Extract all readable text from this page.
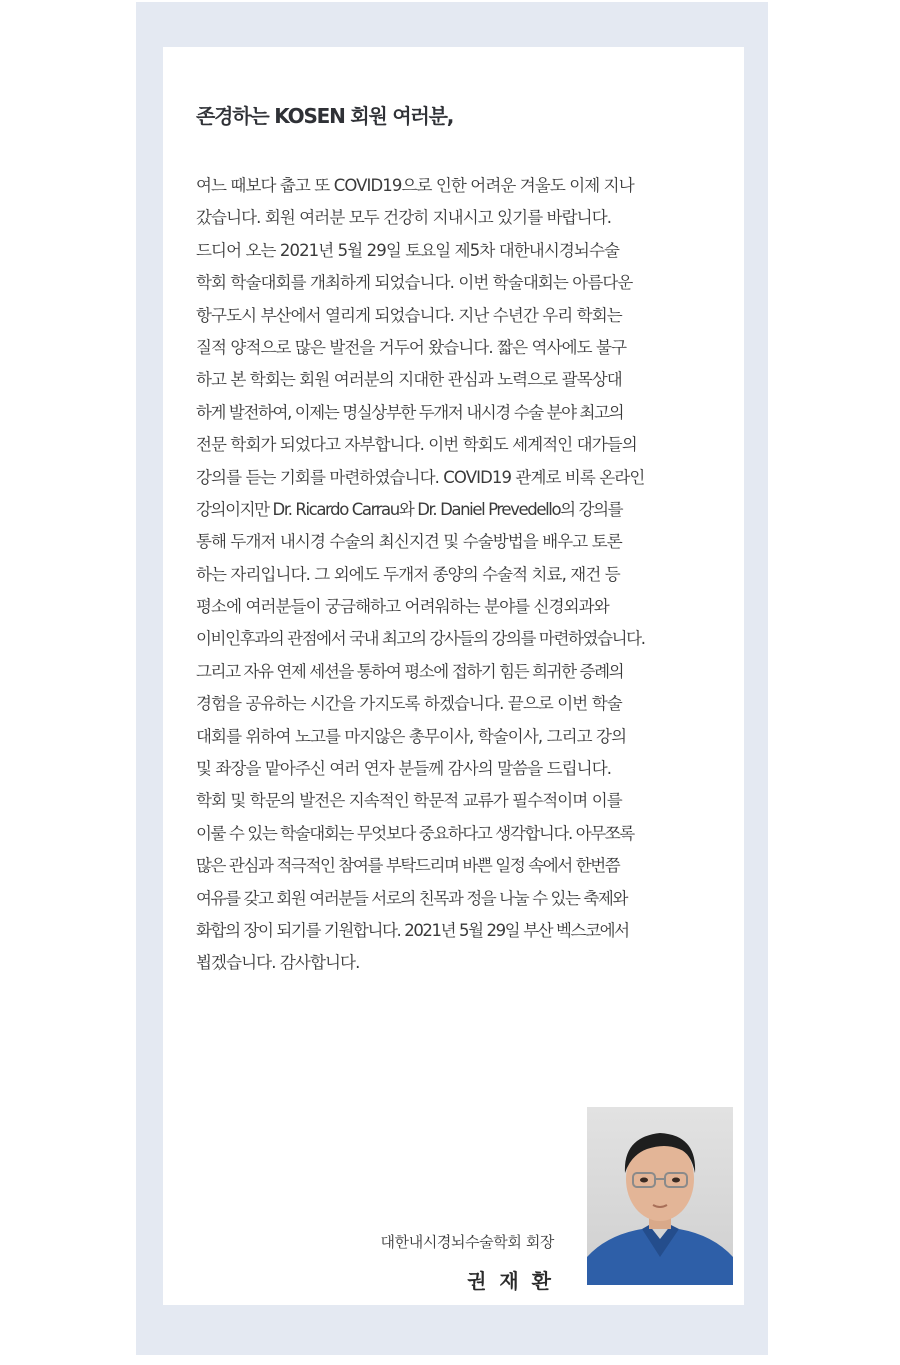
존경하는 KOSEN 회원 여러분,
여느 때보다 춥고 또 COVID19으로 인한 어려운 겨울도 이제 지나
갔습니다. 회원 여러분 모두 건강히 지내시고 있기를 바랍니다.
드디어 오는 2021년 5월 29일 토요일 제5차 대한내시경뇌수술
학회 학술대회를 개최하게 되었습니다. 이번 학술대회는 아름다운
항구도시 부산에서 열리게 되었습니다. 지난 수년간 우리 학회는
질적 양적으로 많은 발전을 거두어 왔습니다. 짧은 역사에도 불구
하고 본 학회는 회원 여러분의 지대한 관심과 노력으로 괄목상대
하게 발전하여, 이제는 명실상부한 두개저 내시경 수술 분야 최고의
전문 학회가 되었다고 자부합니다. 이번 학회도 세계적인 대가들의
강의를 듣는 기회를 마련하였습니다. COVID19 관계로 비록 온라인
강의이지만 Dr. Ricardo Carrau와 Dr. Daniel Prevedello의 강의를
통해 두개저 내시경 수술의 최신지견 및 수술방법을 배우고 토론
하는 자리입니다. 그 외에도 두개저 종양의 수술적 치료, 재건 등
평소에 여러분들이 궁금해하고 어려워하는 분야를 신경외과와
이비인후과의 관점에서 국내 최고의 강사들의 강의를 마련하였습니다.
그리고 자유 연제 세션을 통하여 평소에 접하기 힘든 희귀한 증례의
경험을 공유하는 시간을 가지도록 하겠습니다. 끝으로 이번 학술
대회를 위하여 노고를 마지않은 총무이사, 학술이사, 그리고 강의
및 좌장을 맡아주신 여러 연자 분들께 감사의 말씀을 드립니다.
학회 및 학문의 발전은 지속적인 학문적 교류가 필수적이며 이를
이룰 수 있는 학술대회는 무엇보다 중요하다고 생각합니다. 아무쪼록
많은 관심과 적극적인 참여를 부탁드리며 바쁜 일정 속에서 한번쯤
여유를 갖고 회원 여러분들 서로의 친목과 정을 나눌 수 있는 축제와
화합의 장이 되기를 기원합니다. 2021년 5월 29일 부산 벡스코에서
뵙겠습니다. 감사합니다.

대한내시경뇌수술학회 회장

권 재 환
